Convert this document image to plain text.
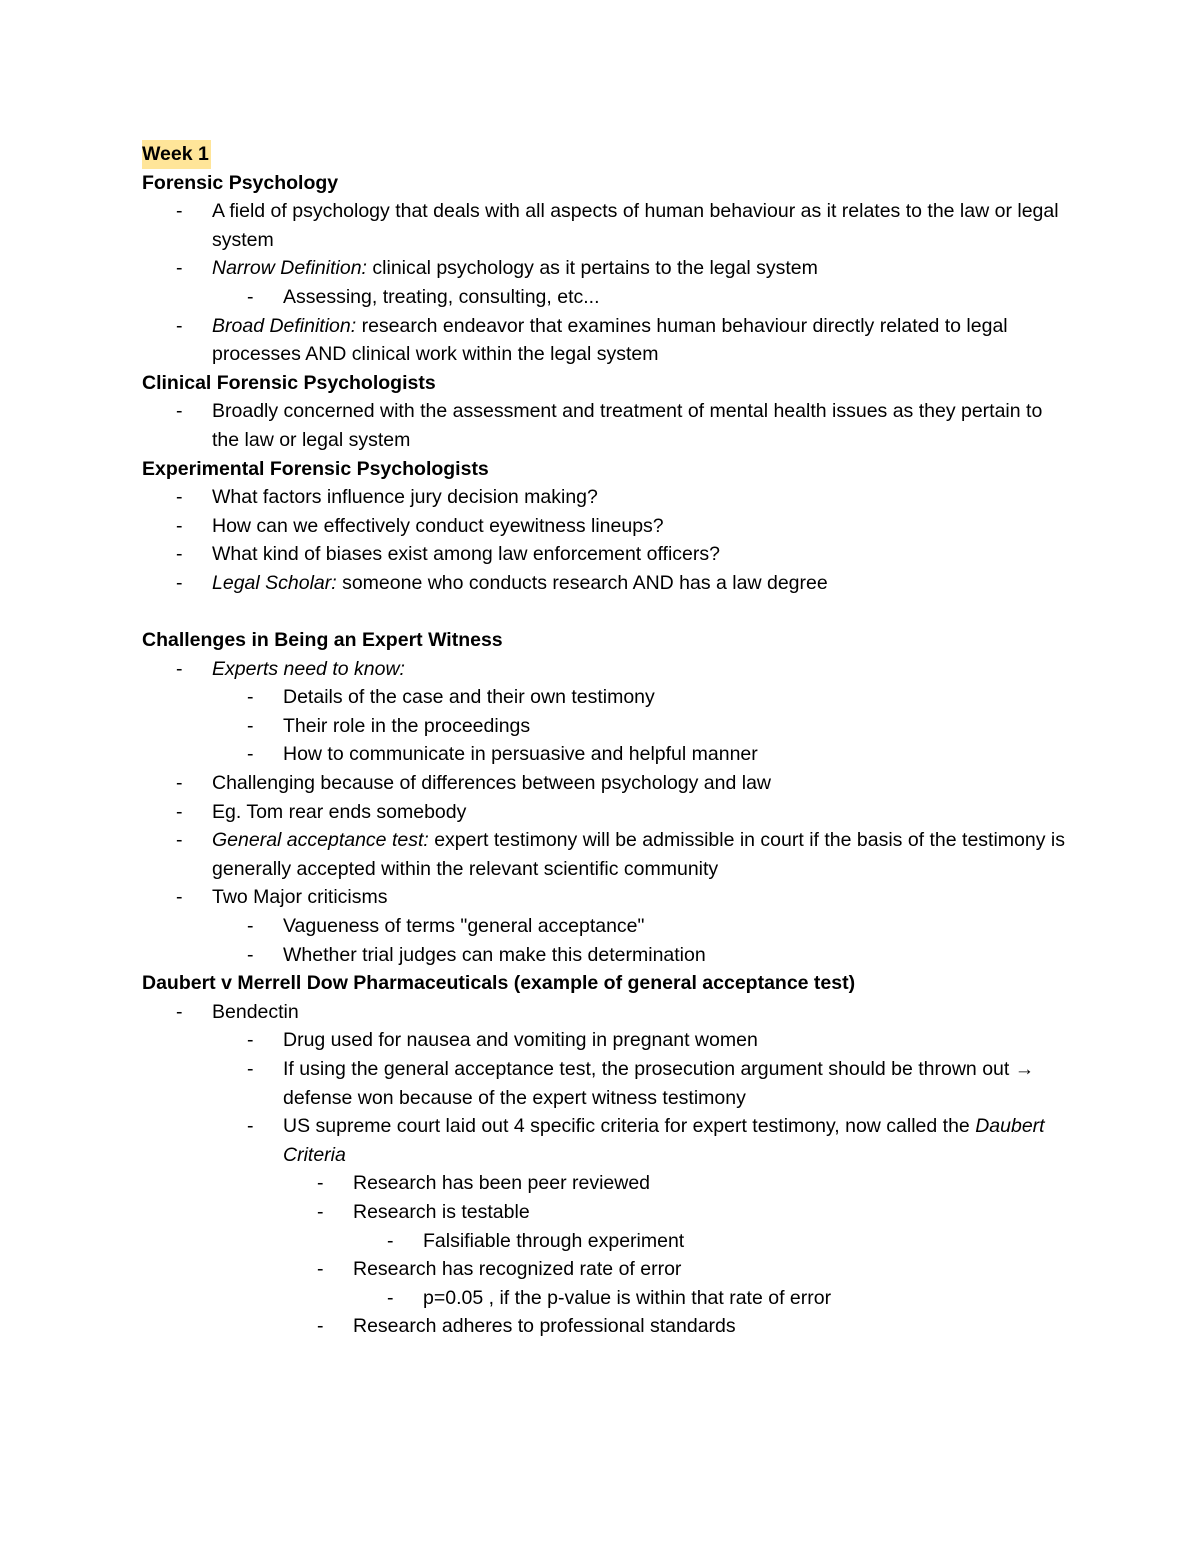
Week 1
Forensic Psychology
- A field of psychology that deals with all aspects of human behaviour as it relates to the law or legal system
- Narrow Definition: clinical psychology as it pertains to the legal system
- Assessing, treating, consulting, etc...
- Broad Definition: research endeavor that examines human behaviour directly related to legal processes AND clinical work within the legal system
Clinical Forensic Psychologists
- Broadly concerned with the assessment and treatment of mental health issues as they pertain to the law or legal system
Experimental Forensic Psychologists
- What factors influence jury decision making?
- How can we effectively conduct eyewitness lineups?
- What kind of biases exist among law enforcement officers?
- Legal Scholar: someone who conducts research AND has a law degree
Challenges in Being an Expert Witness
- Experts need to know:
- Details of the case and their own testimony
- Their role in the proceedings
- How to communicate in persuasive and helpful manner
- Challenging because of differences between psychology and law
- Eg. Tom rear ends somebody
- General acceptance test: expert testimony will be admissible in court if the basis of the testimony is generally accepted within the relevant scientific community
- Two Major criticisms
- Vagueness of terms "general acceptance"
- Whether trial judges can make this determination
Daubert v Merrell Dow Pharmaceuticals (example of general acceptance test)
- Bendectin
- Drug used for nausea and vomiting in pregnant women
- If using the general acceptance test, the prosecution argument should be thrown out → defense won because of the expert witness testimony
- US supreme court laid out 4 specific criteria for expert testimony, now called the Daubert Criteria
- Research has been peer reviewed
- Research is testable
- Falsifiable through experiment
- Research has recognized rate of error
- p=0.05 , if the p-value is within that rate of error
- Research adheres to professional standards
